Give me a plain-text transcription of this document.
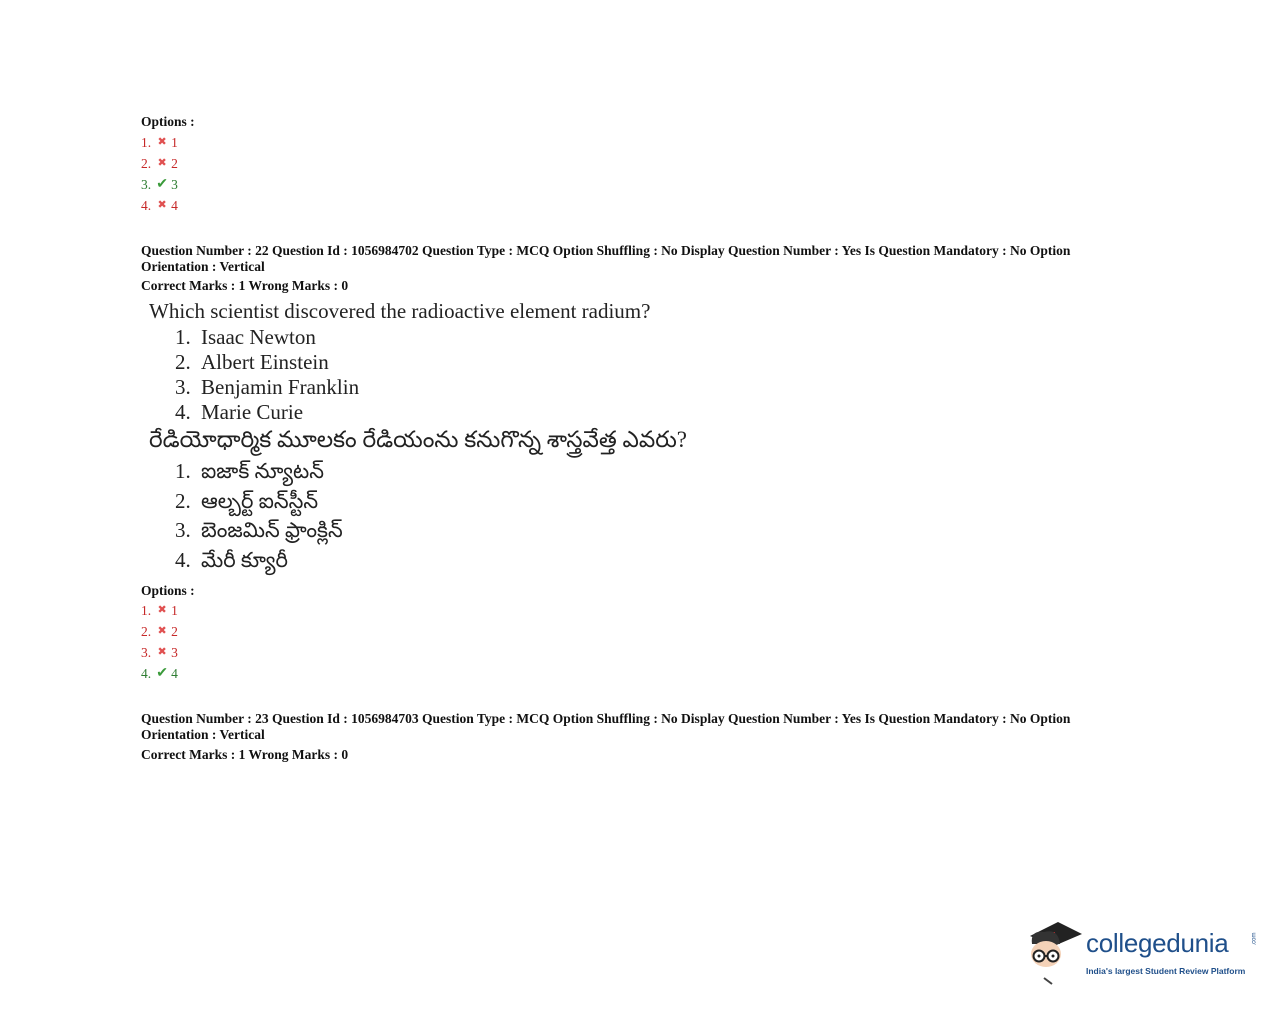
Options :
1. ✖ 1
2. ✖ 2
3. ✔ 3
4. ✖ 4
Question Number : 22 Question Id : 1056984702 Question Type : MCQ Option Shuffling : No Display Question Number : Yes Is Question Mandatory : No Option
Orientation : Vertical
Correct Marks : 1 Wrong Marks : 0
Which scientist discovered the radioactive element radium?
1. Isaac Newton
2. Albert Einstein
3. Benjamin Franklin
4. Marie Curie
రేడియోధార్మిక మూలకం రేడియంను కనుగొన్న శాస్త్రవేత్త ఎవరు?
1. ఐజాక్ న్యూటన్
2. ఆల్బర్ట్ ఐన్‌స్టీన్
3. బెంజమిన్ ఫ్రాంక్లిన్
4. మేరీ క్యూరీ
Options :
1. ✖ 1
2. ✖ 2
3. ✖ 3
4. ✔ 4
Question Number : 23 Question Id : 1056984703 Question Type : MCQ Option Shuffling : No Display Question Number : Yes Is Question Mandatory : No Option
Orientation : Vertical
Correct Marks : 1 Wrong Marks : 0
collegedunia	.com
India's largest Student Review Platform
